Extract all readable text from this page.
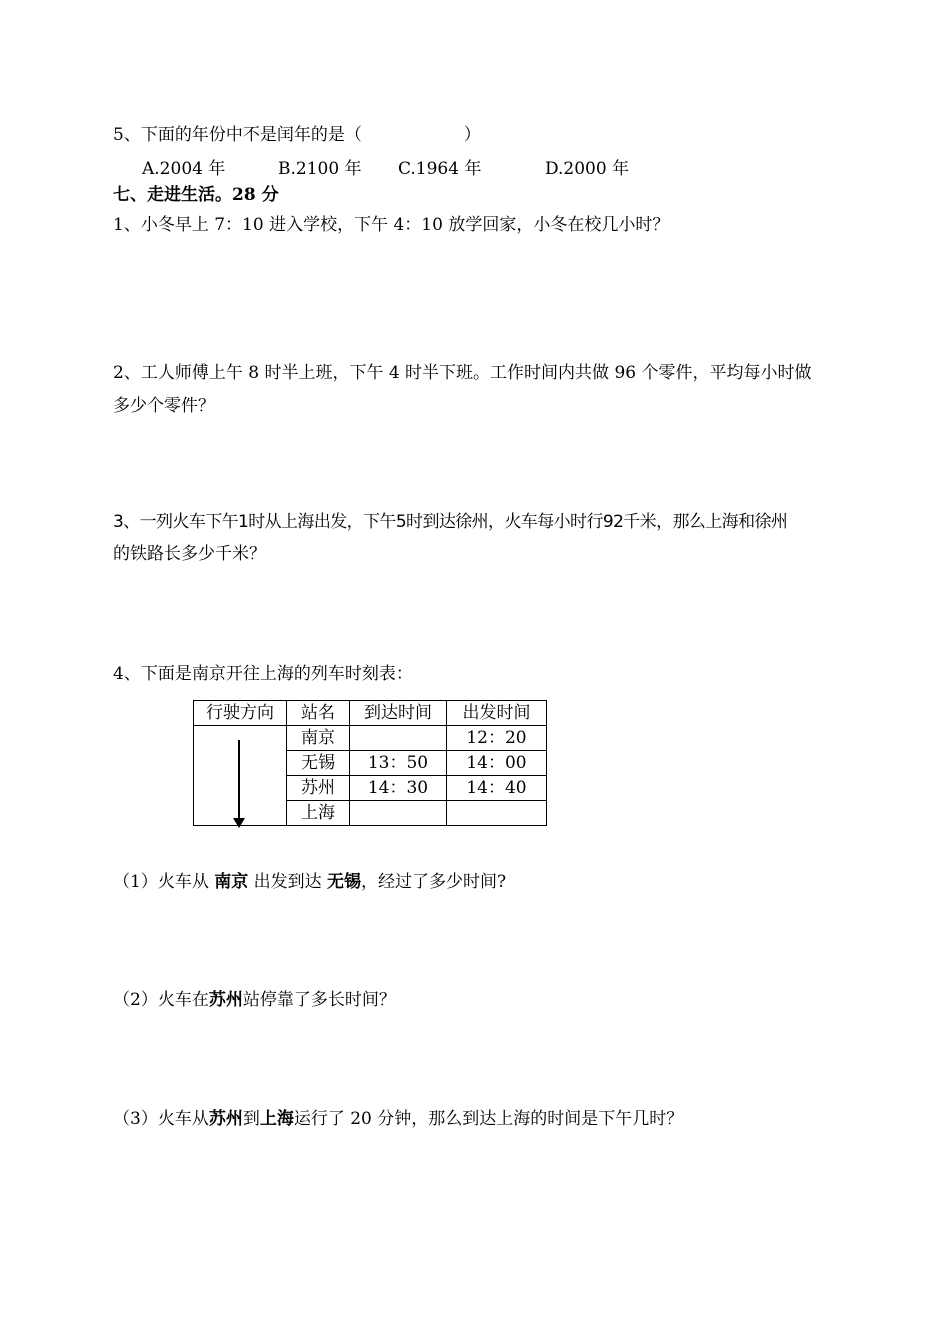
5、下面的年份中不是闰年的是（　　　　　　）
A.2004 年	B.2100 年 C.1964 年	D.2000 年
七、走进生活。28 分
1、小冬早上 7：10 进入学校，下午 4：10 放学回家，小冬在校几小时？
2、工人师傅上午 8 时半上班，下午 4 时半下班。工作时间内共做 96 个零件，平均每小时做
多少个零件？
3、一列火车下午1时从上海出发，下午5时到达徐州，火车每小时行92千米，那么上海和徐州
的铁路长多少千米？
4、下面是南京开往上海的列车时刻表：
行驶方向	站名	到达时间	出发时间

	南京		12：20
	无锡	13：50	14：00
	苏州	14：30	14：40
	上海		
（1）火车从 南京 出发到达 无锡，经过了多少时间?
（2）火车在苏州站停靠了多长时间？
（3）火车从苏州到上海运行了 20 分钟，那么到达上海的时间是下午几时？
